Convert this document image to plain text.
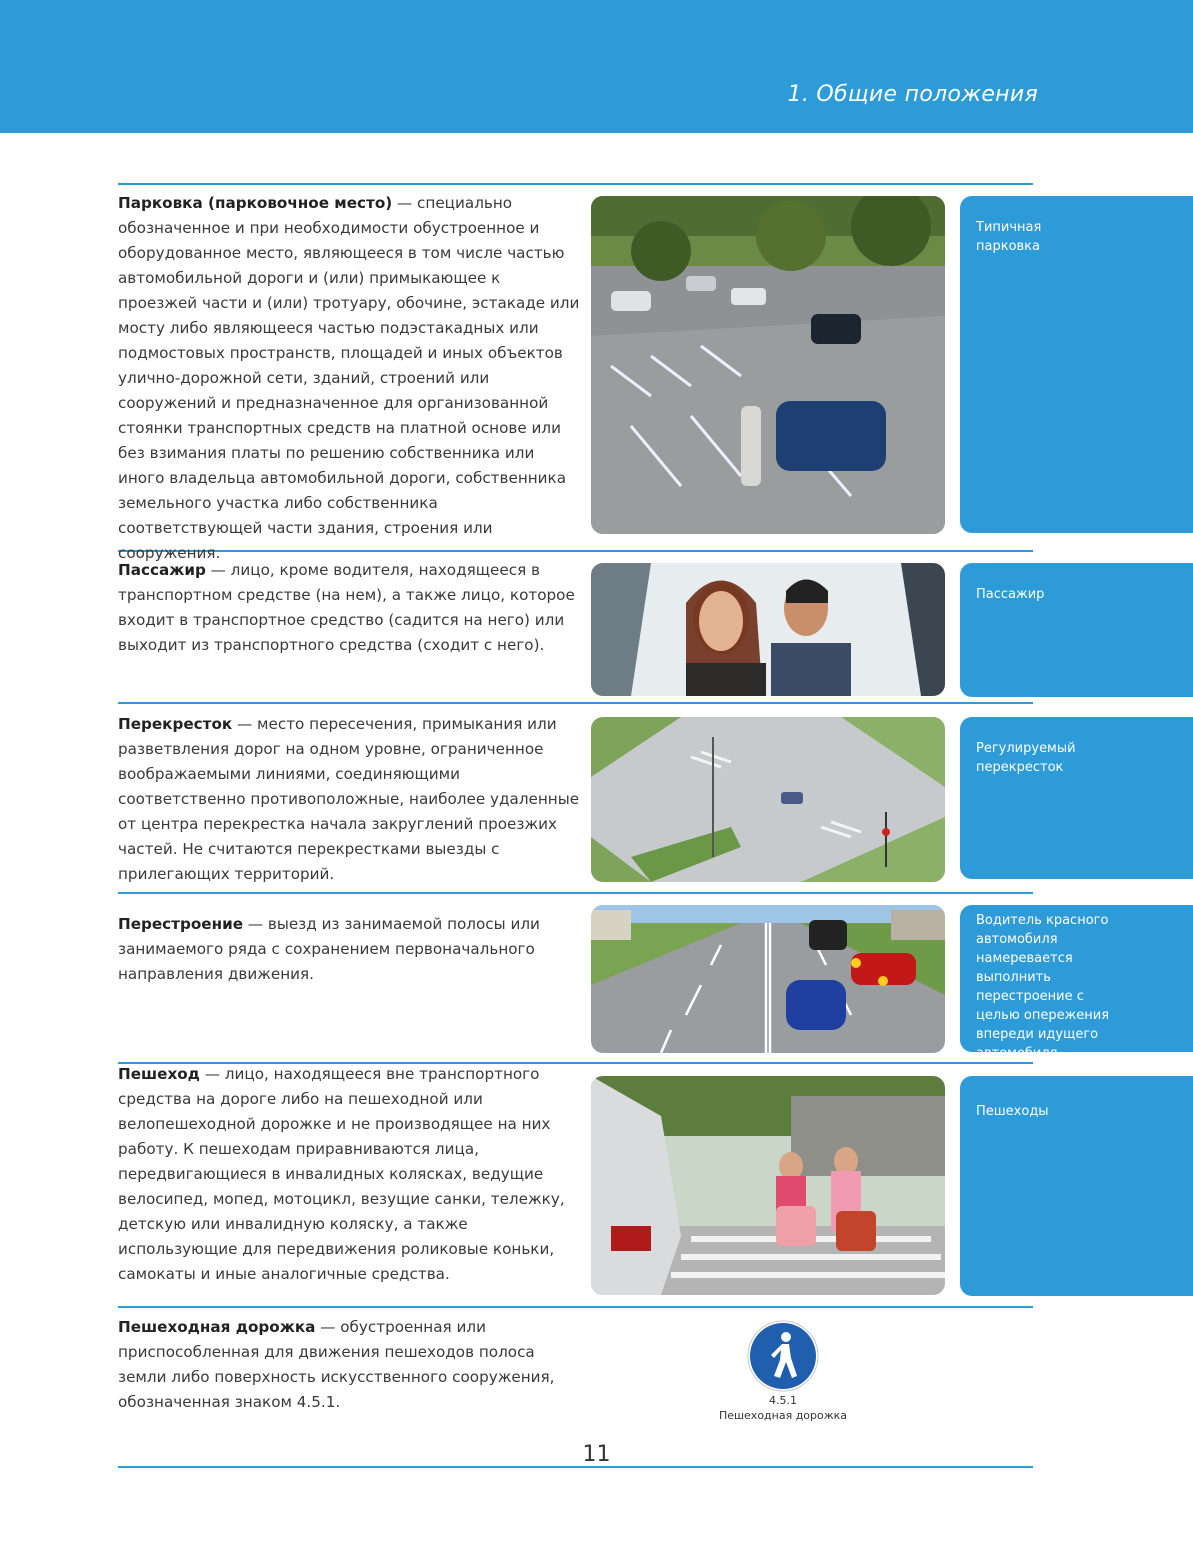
1. Общие положения
Парковка (парковочное место) — специально обозначенное и при необходимости обустроенное и оборудованное место, являющееся в том числе частью автомобильной дороги и (или) примыкающее к проезжей части и (или) тротуару, обочине, эстакаде или мосту либо являющееся частью подэстакадных или подмостовых пространств, площадей и иных объектов улично-дорожной сети, зданий, строений или сооружений и предназначенное для организованной стоянки транспортных средств на платной основе или без взимания платы по решению собственника или иного владельца автомобильной дороги, собственника земельного участка либо собственника соответствующей части здания, строения или сооружения.
Типичная парковка
Пассажир — лицо, кроме водителя, находящееся в транспортном средстве (на нем), а также лицо, которое входит в транспортное средство (садится на него) или выходит из транспортного средства (сходит с него).
Пассажир
Перекресток — место пересечения, примыкания или разветвления дорог на одном уровне, ограниченное воображаемыми линиями, соединяющими соответственно противоположные, наиболее удаленные от центра перекрестка начала закруглений проезжих частей. Не считаются перекрестками выезды с прилегающих территорий.
Регулируемый перекресток
Перестроение — выезд из занимаемой полосы или занимаемого ряда с сохранением первоначального направления движения.
Водитель красного автомобиля намеревается выполнить перестроение с целью опережения впереди идущего автомобиля
Пешеход — лицо, находящееся вне транспортного средства на дороге либо на пешеходной или велопешеходной дорожке и не производящее на них работу. К пешеходам приравниваются лица, передвигающиеся в инвалидных колясках, ведущие велосипед, мопед, мотоцикл, везущие санки, тележку, детскую или инвалидную коляску, а также использующие для передвижения роликовые коньки, самокаты и иные аналогичные средства.
Пешеходы
Пешеходная дорожка — обустроенная или приспособленная для движения пешеходов полоса земли либо поверхность искусственного сооружения, обозначенная знаком 4.5.1.	4.5.1
Пешеходная дорожка
11
